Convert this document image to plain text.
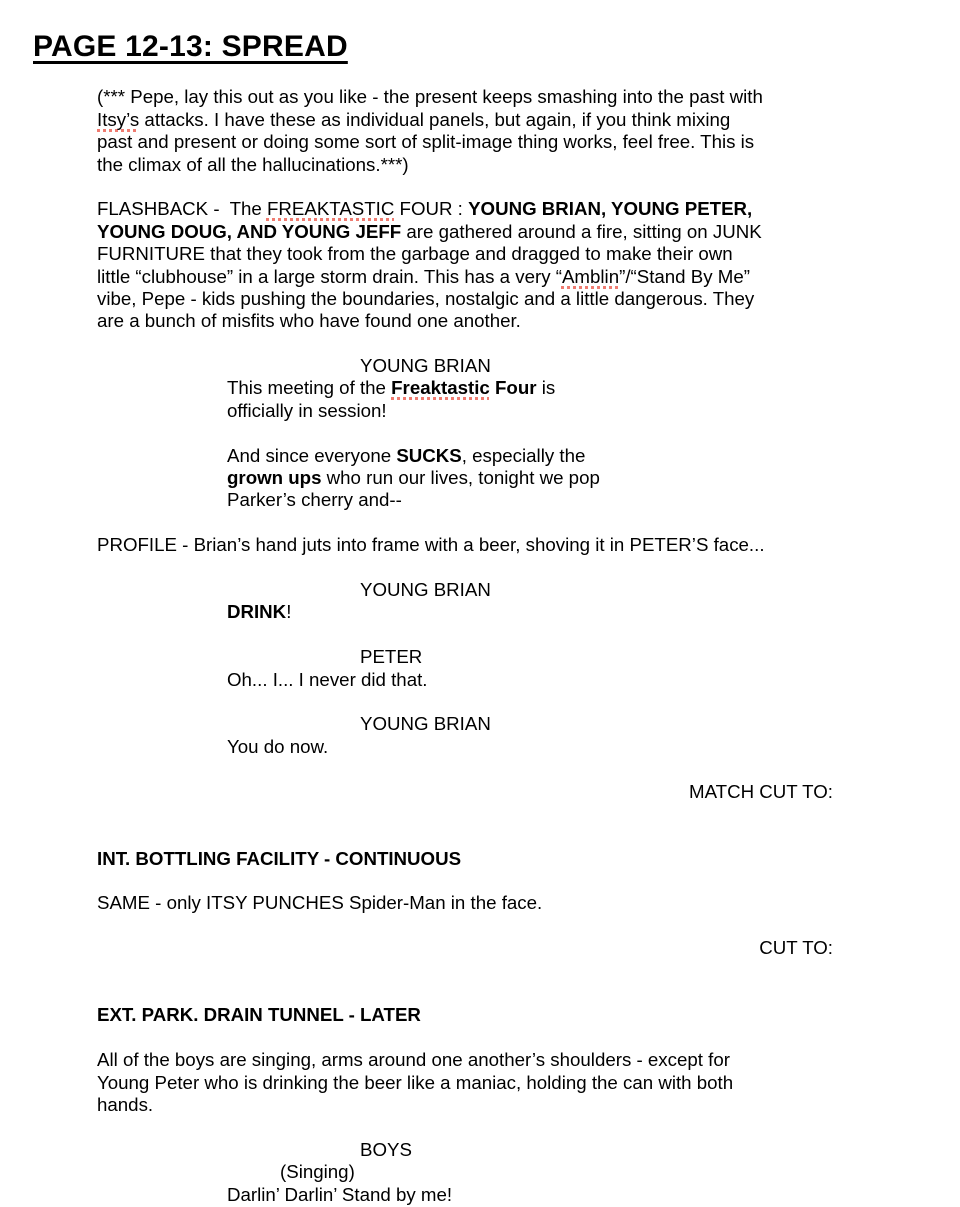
PAGE 12-13: SPREAD
(*** Pepe, lay this out as you like - the present keeps smashing into the past with
Itsy’s attacks. I have these as individual panels, but again, if you think mixing
past and present or doing some sort of split-image thing works, feel free. This is
the climax of all the hallucinations.***)
FLASHBACK -  The FREAKTASTIC FOUR : YOUNG BRIAN, YOUNG PETER,
YOUNG DOUG, AND YOUNG JEFF are gathered around a fire, sitting on JUNK
FURNITURE that they took from the garbage and dragged to make their own
little “clubhouse” in a large storm drain. This has a very “Amblin”/“Stand By Me”
vibe, Pepe - kids pushing the boundaries, nostalgic and a little dangerous. They
are a bunch of misfits who have found one another.
YOUNG BRIAN
This meeting of the Freaktastic Four is
officially in session!
And since everyone SUCKS, especially the
grown ups who run our lives, tonight we pop
Parker’s cherry and--
PROFILE - Brian’s hand juts into frame with a beer, shoving it in PETER’S face...
YOUNG BRIAN
DRINK!
PETER
Oh... I... I never did that.
YOUNG BRIAN
You do now.
MATCH CUT TO:
INT. BOTTLING FACILITY - CONTINUOUS
SAME - only ITSY PUNCHES Spider-Man in the face.
CUT TO:
EXT. PARK. DRAIN TUNNEL - LATER
All of the boys are singing, arms around one another’s shoulders - except for
Young Peter who is drinking the beer like a maniac, holding the can with both
hands.
BOYS
(Singing)
Darlin’ Darlin’ Stand by me!
